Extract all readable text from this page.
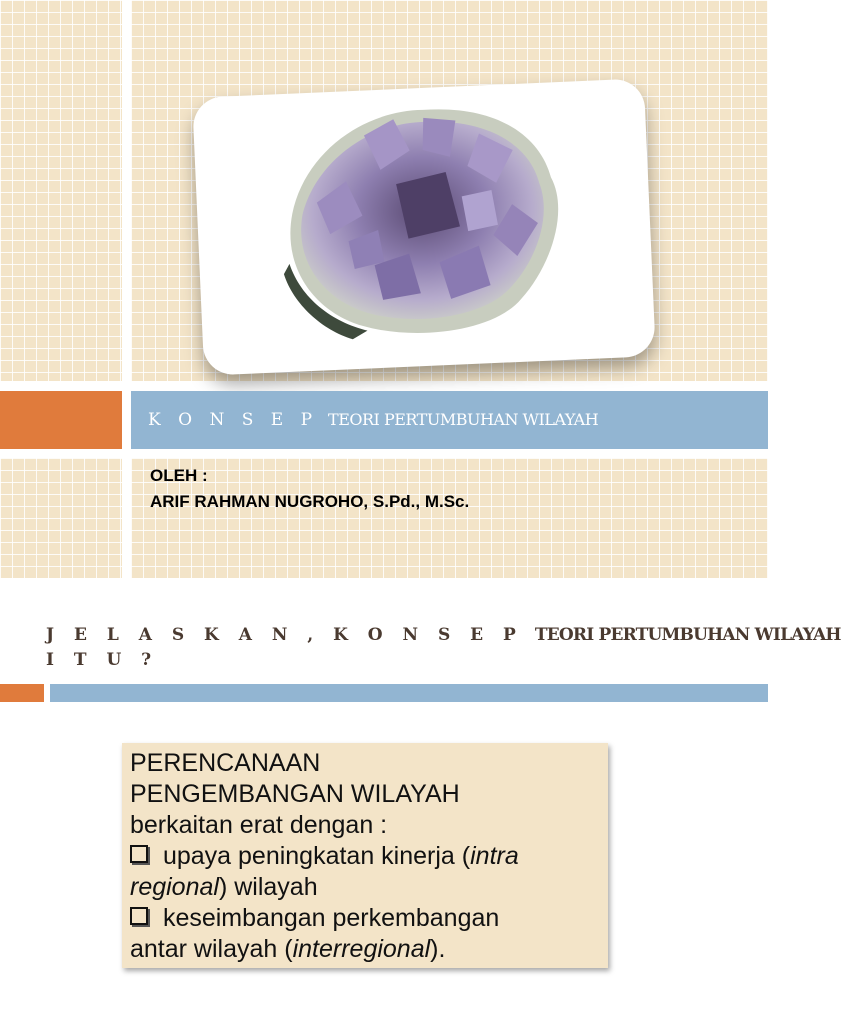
K O N S E P TEORI PERTUMBUHAN WILAYAH
OLEH :
ARIF RAHMAN NUGROHO, S.Pd., M.Sc.
J E L A S K A N , K O N S E P TEORI PERTUMBUHAN WILAYAH
I T U ?
PERENCANAAN
PENGEMBANGAN WILAYAH
berkaitan erat dengan :
upaya peningkatan kinerja (intra
regional) wilayah
keseimbangan perkembangan
antar wilayah (interregional).
